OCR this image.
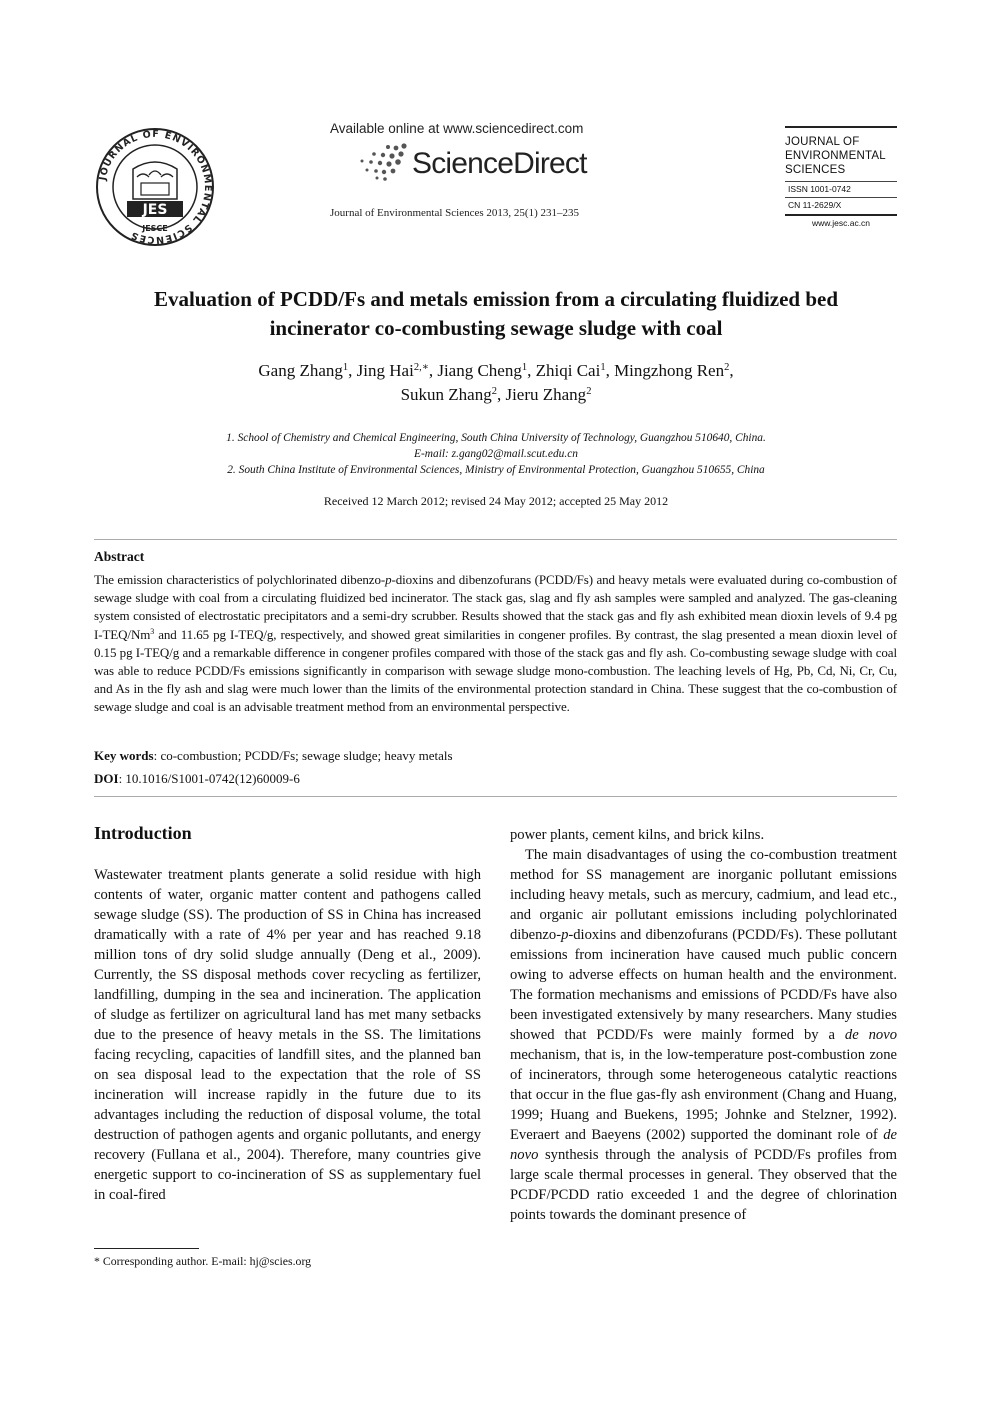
JOURNAL OF ENVIRONMENTAL SCIENCES
JES
JESCE
Available online at www.sciencedirect.com
ScienceDirect
Journal of Environmental Sciences 2013, 25(1) 231–235
JOURNAL OF
ENVIRONMENTAL
SCIENCES
ISSN 1001-0742
CN 11-2629/X
www.jesc.ac.cn
Evaluation of PCDD/Fs and metals emission from a circulating fluidized bed
incinerator co-combusting sewage sludge with coal
Gang Zhang$^1$, Jing Hai$^{2,∗}$, Jiang Cheng$^1$, Zhiqi Cai$^1$, Mingzhong Ren$^2$,
Sukun Zhang$^2$, Jieru Zhang$^2$
1. School of Chemistry and Chemical Engineering, South China University of Technology, Guangzhou 510640, China.
E-mail: z.gang02@mail.scut.edu.cn
2. South China Institute of Environmental Sciences, Ministry of Environmental Protection, Guangzhou 510655, China
Received 12 March 2012; revised 24 May 2012; accepted 25 May 2012
Abstract
The emission characteristics of polychlorinated dibenzo-p-dioxins and dibenzofurans (PCDD/Fs) and heavy metals were evaluated during co-combustion of sewage sludge with coal from a circulating fluidized bed incinerator. The stack gas, slag and fly ash samples were sampled and analyzed. The gas-cleaning system consisted of electrostatic precipitators and a semi-dry scrubber. Results showed that the stack gas and fly ash exhibited mean dioxin levels of 9.4 pg I-TEQ/Nm$^3$ and 11.65 pg I-TEQ/g, respectively, and showed great similarities in congener profiles. By contrast, the slag presented a mean dioxin level of 0.15 pg I-TEQ/g and a remarkable difference in congener profiles compared with those of the stack gas and fly ash. Co-combusting sewage sludge with coal was able to reduce PCDD/Fs emissions significantly in comparison with sewage sludge mono-combustion. The leaching levels of Hg, Pb, Cd, Ni, Cr, Cu, and As in the fly ash and slag were much lower than the limits of the environmental protection standard in China. These suggest that the co-combustion of sewage sludge and coal is an advisable treatment method from an environmental perspective.
Key words: co-combustion; PCDD/Fs; sewage sludge; heavy metals
DOI: 10.1016/S1001-0742(12)60009-6
Introduction

Wastewater treatment plants generate a solid residue with high contents of water, organic matter content and pathogens called sewage sludge (SS). The production of SS in China has increased dramatically with a rate of 4% per year and has reached 9.18 million tons of dry solid sludge annually (Deng et al., 2009). Currently, the SS disposal methods cover recycling as fertilizer, landfilling, dumping in the sea and incineration. The application of sludge as fertilizer on agricultural land has met many setbacks due to the presence of heavy metals in the SS. The limitations facing recycling, capacities of landfill sites, and the planned ban on sea disposal lead to the expectation that the role of SS incineration will increase rapidly in the future due to its advantages including the reduction of disposal volume, the total destruction of pathogen agents and organic pollutants, and energy recovery (Fullana et al., 2004). Therefore, many countries give energetic support to co-incineration of SS as supplementary fuel in coal-fired

power plants, cement kilns, and brick kilns.

The main disadvantages of using the co-combustion treatment method for SS management are inorganic pollutant emissions including heavy metals, such as mercury, cadmium, and lead etc., and organic air pollutant emissions including polychlorinated dibenzo-p-dioxins and dibenzofurans (PCDD/Fs). These pollutant emissions from incineration have caused much public concern owing to adverse effects on human health and the environment. The formation mechanisms and emissions of PCDD/Fs have also been investigated extensively by many researchers. Many studies showed that PCDD/Fs were mainly formed by a de novo mechanism, that is, in the low-temperature post-combustion zone of incinerators, through some heterogeneous catalytic reactions that occur in the flue gas-fly ash environment (Chang and Huang, 1999; Huang and Buekens, 1995; Johnke and Stelzner, 1992). Everaert and Baeyens (2002) supported the dominant role of de novo synthesis through the analysis of PCDD/Fs profiles from large scale thermal processes in general. They observed that the PCDF/PCDD ratio exceeded 1 and the degree of chlorination points towards the dominant presence of

* Corresponding author. E-mail: hj@scies.org
